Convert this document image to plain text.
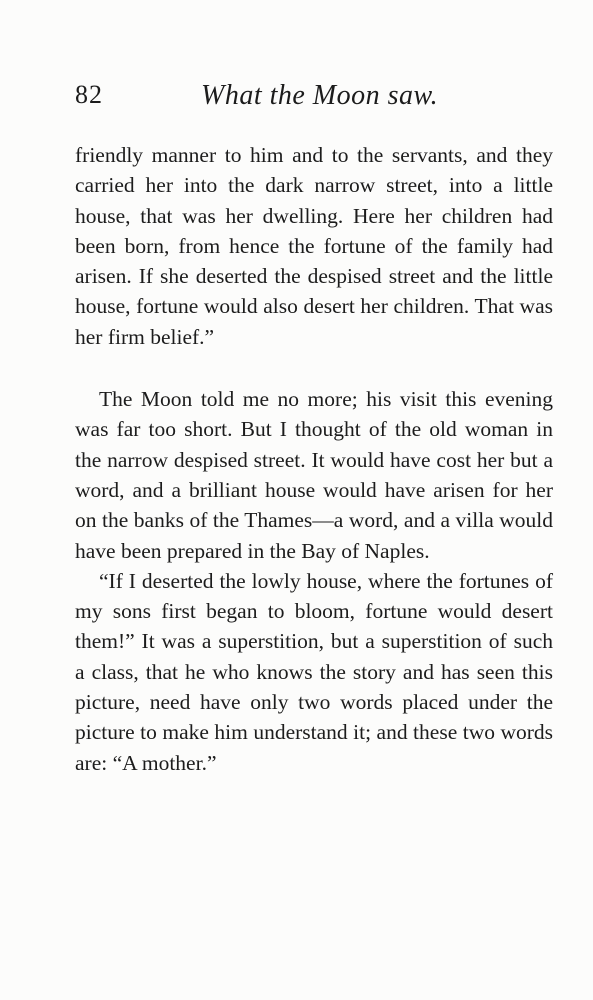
82	What the Moon saw.

friendly manner to him and to the servants, and they carried her into the dark narrow street, into a little house, that was her dwelling. Here her children had been born, from hence the fortune of the family had arisen. If she deserted the despised street and the little house, fortune would also desert her children. That was her firm belief.”

The Moon told me no more; his visit this evening was far too short. But I thought of the old woman in the narrow despised street. It would have cost her but a word, and a brilliant house would have arisen for her on the banks of the Thames—a word, and a villa would have been prepared in the Bay of Naples.

“If I deserted the lowly house, where the fortunes of my sons first began to bloom, fortune would desert them!” It was a superstition, but a superstition of such a class, that he who knows the story and has seen this picture, need have only two words placed under the picture to make him understand it; and these two words are: “A mother.”
